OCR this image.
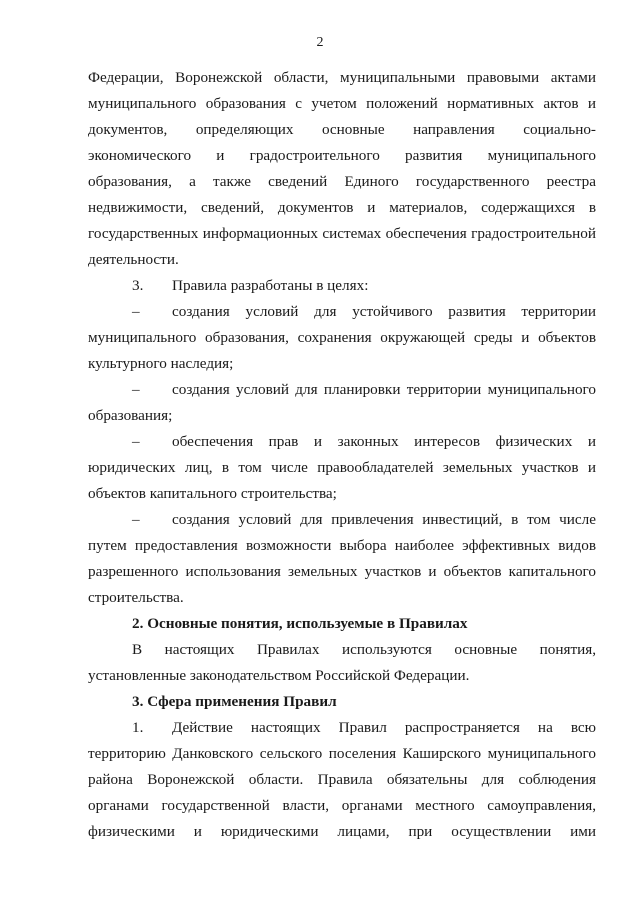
2

Федерации, Воронежской области, муниципальными правовыми актами

муниципального образования с учетом положений нормативных актов и

документов, определяющих основные направления социально-

экономического и градостроительного развития муниципального

образования, а также сведений Единого государственного реестра

недвижимости, сведений, документов и материалов, содержащихся в

государственных информационных системах обеспечения градостроительной

деятельности.

3. Правила разработаны в целях:

– создания условий для устойчивого развития территории

муниципального образования, сохранения окружающей среды и объектов

культурного наследия;

– создания условий для планировки территории муниципального

образования;

– обеспечения прав и законных интересов физических и

юридических лиц, в том числе правообладателей земельных участков и

объектов капитального строительства;

– создания условий для привлечения инвестиций, в том числе

путем предоставления возможности выбора наиболее эффективных видов

разрешенного использования земельных участков и объектов капитального

строительства.

2. Основные понятия, используемые в Правилах

В настоящих Правилах используются основные понятия,

установленные законодательством Российской Федерации.

3. Сфера применения Правил

1. Действие настоящих Правил распространяется на всю

территорию Данковского сельского поселения Каширского муниципального

района Воронежской области. Правила обязательны для соблюдения

органами государственной власти, органами местного самоуправления,

физическими и юридическими лицами, при осуществлении ими
